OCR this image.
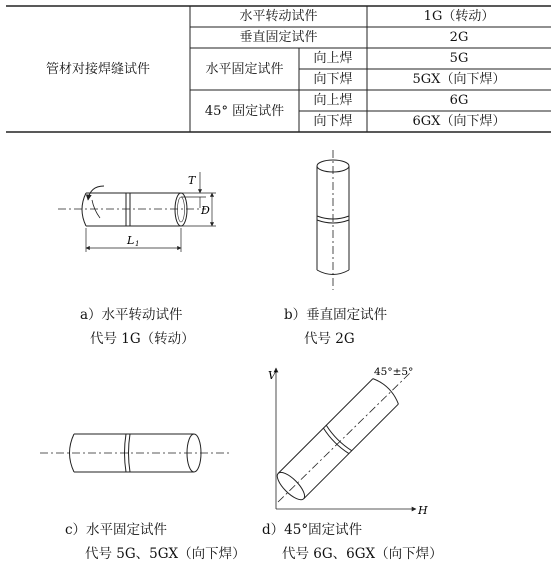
管材对接焊缝试件
水平转动试件	1G（转动）
垂直固定试件	2G
水平固定试件
向上焊	5G
向下焊	5GX（向下焊）
45° 固定试件
向上焊	6G
向下焊	6GX（向下焊）
T
D
L 1
V
H
45°±5°
a）水平转动试件
代号 1G（转动）
b）垂直固定试件
代号 2G
c）水平固定试件
代号 5G、5GX（向下焊）
d）45°固定试件
代号 6G、6GX（向下焊）
